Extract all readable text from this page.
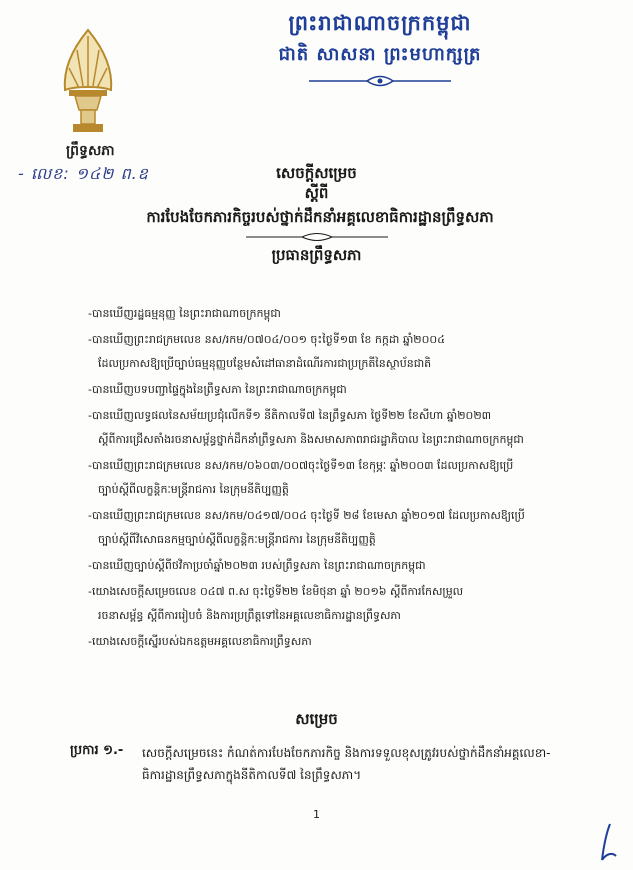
ព្រះរាជាណាចក្រកម្ពុជា
ជាតិ សាសនា ព្រះមហាក្សត្រ
ព្រឹទ្ធសភា
- លេខ: ១៤២ ព.ឧ	សេចក្តីសម្រេច
ស្តីពី
ការបែងចែកភារកិច្ចរបស់ថ្នាក់ដឹកនាំអគ្គលេខាធិការដ្ឋានព្រឹទ្ធសភា
ប្រធានព្រឹទ្ធសភា
-បានឃើញរដ្ឋធម្មនុញ្ញ នៃព្រះរាជាណាចក្រកម្ពុជា
-បានឃើញព្រះរាជក្រមលេខ នស/រកម/០៧០៤/០០១ ចុះថ្ងៃទី១៣ ខែ កក្កដា ឆ្នាំ២០០៤
ដែលប្រកាសឱ្យប្រើច្បាប់ធម្មនុញ្ញបន្ថែមសំដៅធានាដំណើរការជាប្រក្រតីនៃស្ថាប័នជាតិ
-បានឃើញបទបញ្ជាផ្ទៃក្នុងនៃព្រឹទ្ធសភា នៃព្រះរាជាណាចក្រកម្ពុជា
-បានឃើញលទ្ធផលនៃសម័យប្រជុំលើកទី១ នីតិកាលទី៧ នៃព្រឹទ្ធសភា ថ្ងៃទី២២ ខែសីហា ឆ្នាំ២០២៣
ស្តីពីការជ្រើសតាំងរចនាសម្ព័ន្ធថ្នាក់ដឹកនាំព្រឹទ្ធសភា និងសមាសភាពរាជរដ្ឋាភិបាល នៃព្រះរាជាណាចក្រកម្ពុជា
-បានឃើញព្រះរាជក្រមលេខ នស/រកម/០៦០៣/០០៧ចុះថ្ងៃទី១៣ ខែកុម្ភៈ ឆ្នាំ២០០៣ ដែលប្រកាសឱ្យប្រើ
ច្បាប់ស្តីពីលក្ខន្តិកៈមន្ត្រីរាជការ នៃក្រុមនីតិប្បញ្ញត្តិ
-បានឃើញព្រះរាជក្រមលេខ នស/រកម/០៤១៧/០០៤ ចុះថ្ងៃទី ២៨ ខែមេសា ឆ្នាំ២០១៧ ដែលប្រកាសឱ្យប្រើ
ច្បាប់ស្តីពីវិសោធនកម្មច្បាប់ស្តីពីលក្ខន្តិកៈមន្ត្រីរាជការ នៃក្រុមនីតិប្បញ្ញត្តិ
-បានឃើញច្បាប់ស្តីពីថវិកាប្រចាំឆ្នាំ២០២៣ របស់ព្រឹទ្ធសភា នៃព្រះរាជាណាចក្រកម្ពុជា
-យោងសេចក្តីសម្រេចលេខ ០៤៧ ព.ស ចុះថ្ងៃទី២២ ខែមិថុនា ឆ្នាំ ២០១៦ ស្តីពីការកែសម្រួល
រចនាសម្ព័ន្ធ ស្តីពីការរៀបចំ និងការប្រព្រឹត្តទៅនៃអគ្គលេខាធិការដ្ឋានព្រឹទ្ធសភា
-យោងសេចក្តីស្នើរបស់ឯកឧត្តមអគ្គលេខាធិការព្រឹទ្ធសភា
សម្រេច
ប្រការ ១.- សេចក្តីសម្រេចនេះ កំណត់ការបែងចែកភារកិច្ច និងការទទួលខុសត្រូវរបស់ថ្នាក់ដឹកនាំអគ្គលេខា-
ធិការដ្ឋានព្រឹទ្ធសភាក្នុងនីតិកាលទី៧ នៃព្រឹទ្ធសភា។
1
